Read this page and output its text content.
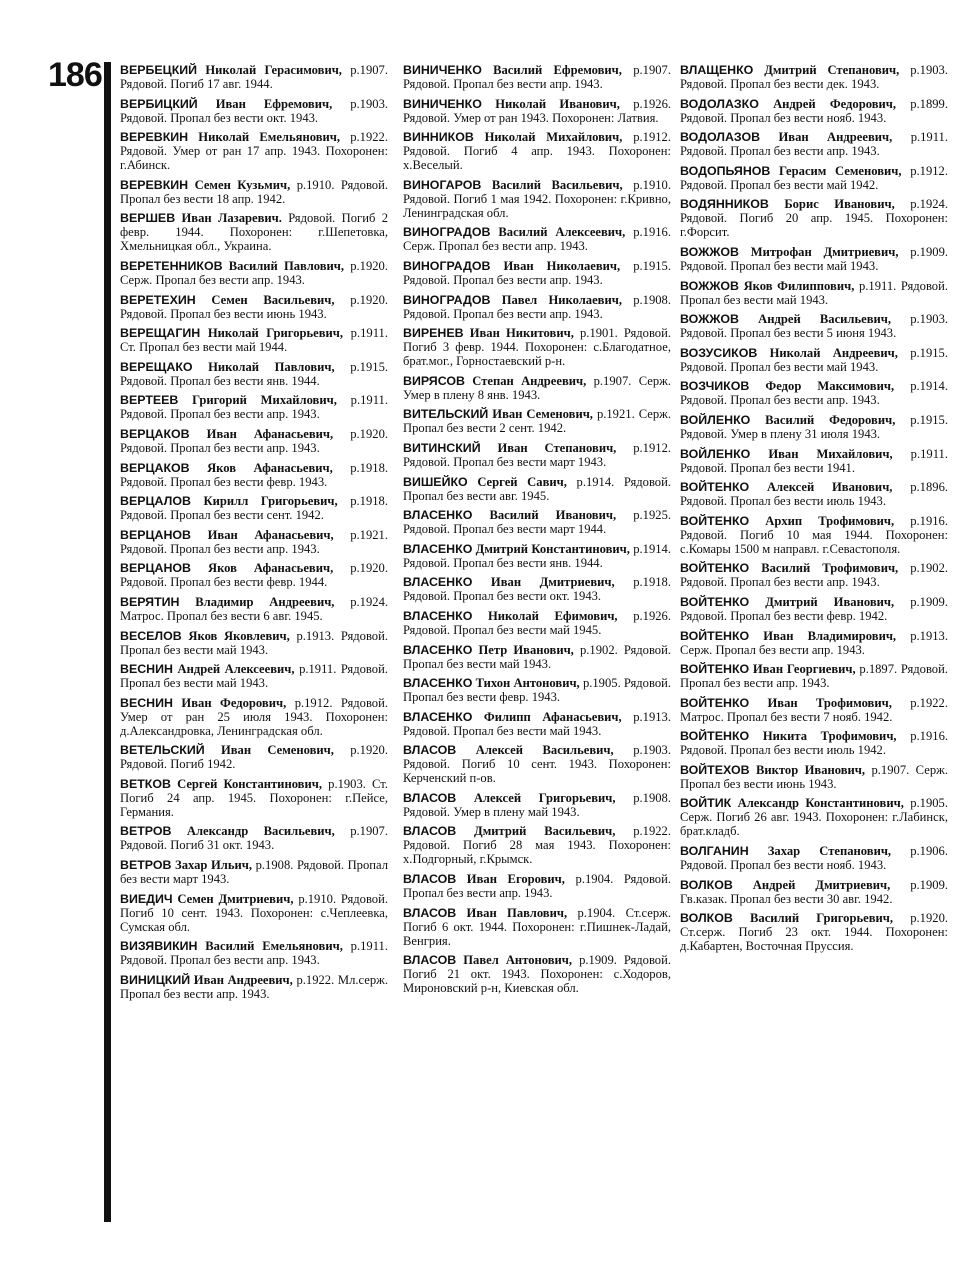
186 ВЕРБЕЦКИЙ Николай Герасимович, р.1907. Рядовой. Погиб 17 авг. 1944.

ВЕРБИЦКИЙ Иван Ефремович, р.1903. Рядовой. Пропал без вести окт. 1943.

ВЕРЕВКИН Николай Емельянович, р.1922. Рядовой. Умер от ран 17 апр. 1943. Похоронен: г.Абинск.

ВЕРЕВКИН Семен Кузьмич, р.1910. Рядовой. Пропал без вести 18 апр. 1942.

ВЕРШЕВ Иван Лазаревич. Рядовой. Погиб 2 февр. 1944. Похоронен: г.Шепетовка, Хмельницкая обл., Украина.

ВЕРЕТЕННИКОВ Василий Павлович, р.1920. Серж. Пропал без вести апр. 1943.

ВЕРЕТЕХИН Семен Васильевич, р.1920. Рядовой. Пропал без вести июнь 1943.

ВЕРЕЩАГИН Николай Григорьевич, р.1911. Ст. Пропал без вести май 1944.

ВЕРЕЩАКО Николай Павлович, р.1915. Рядовой. Пропал без вести янв. 1944.

ВЕРТЕЕВ Григорий Михайлович, р.1911. Рядовой. Пропал без вести апр. 1943.

ВЕРЦАКОВ Иван Афанасьевич, р.1920. Рядовой. Пропал без вести апр. 1943.

ВЕРЦАКОВ Яков Афанасьевич, р.1918. Рядовой. Пропал без вести февр. 1943.

ВЕРЦАЛОВ Кирилл Григорьевич, р.1918. Рядовой. Пропал без вести сент. 1942.

ВЕРЦАНОВ Иван Афанасьевич, р.1921. Рядовой. Пропал без вести апр. 1943.

ВЕРЦАНОВ Яков Афанасьевич, р.1920. Рядовой. Пропал без вести февр. 1944.

ВЕРЯТИН Владимир Андреевич, р.1924. Матрос. Пропал без вести 6 авг. 1945.

ВЕСЕЛОВ Яков Яковлевич, р.1913. Рядовой. Пропал без вести май 1943.

ВЕСНИН Андрей Алексеевич, р.1911. Рядовой. Пропал без вести май 1943.

ВЕСНИН Иван Федорович, р.1912. Рядовой. Умер от ран 25 июля 1943. Похоронен: д.Александровка, Ленинградская обл.

ВЕТЕЛЬСКИЙ Иван Семенович, р.1920. Рядовой. Погиб 1942.

ВЕТКОВ Сергей Константинович, р.1903. Ст. Погиб 24 апр. 1945. Похоронен: г.Пейсе, Германия.

ВЕТРОВ Александр Васильевич, р.1907. Рядовой. Погиб 31 окт. 1943.

ВЕТРОВ Захар Ильич, р.1908. Рядовой. Пропал без вести март 1943.

ВИЕДИЧ Семен Дмитриевич, р.1910. Рядовой. Погиб 10 сент. 1943. Похоронен: с.Чеплеевка, Сумская обл.

ВИЗЯВИКИН Василий Емельянович, р.1911. Рядовой. Пропал без вести апр. 1943.

ВИНИЦКИЙ Иван Андреевич, р.1922. Мл.серж. Пропал без вести апр. 1943.

ВИНИЧЕНКО Василий Ефремович, р.1907. Рядовой. Пропал без вести апр. 1943.

ВИНИЧЕНКО Николай Иванович, р.1926. Рядовой. Умер от ран 1943. Похоронен: Латвия.

ВИННИКОВ Николай Михайлович, р.1912. Рядовой. Погиб 4 апр. 1943. Похоронен: х.Веселый.

ВИНОГАРОВ Василий Васильевич, р.1910. Рядовой. Погиб 1 мая 1942. Похоронен: г.Кривно, Ленинградская обл.

ВИНОГРАДОВ Василий Алексеевич, р.1916. Серж. Пропал без вести апр. 1943.

ВИНОГРАДОВ Иван Николаевич, р.1915. Рядовой. Пропал без вести апр. 1943.

ВИНОГРАДОВ Павел Николаевич, р.1908. Рядовой. Пропал без вести апр. 1943.

ВИРЕНЕВ Иван Никитович, р.1901. Рядовой. Погиб 3 февр. 1944. Похоронен: с.Благодатное, брат.мог., Горностаевский р-н.

ВИРЯСОВ Степан Андреевич, р.1907. Серж. Умер в плену 8 янв. 1943.

ВИТЕЛЬСКИЙ Иван Семенович, р.1921. Серж. Пропал без вести 2 сент. 1942.

ВИТИНСКИЙ Иван Степанович, р.1912. Рядовой. Пропал без вести март 1943.

ВИШЕЙКО Сергей Савич, р.1914. Рядовой. Пропал без вести авг. 1945.

ВЛАСЕНКО Василий Иванович, р.1925. Рядовой. Пропал без вести март 1944.

ВЛАСЕНКО Дмитрий Константинович, р.1914. Рядовой. Пропал без вести янв. 1944.

ВЛАСЕНКО Иван Дмитриевич, р.1918. Рядовой. Пропал без вести окт. 1943.

ВЛАСЕНКО Николай Ефимович, р.1926. Рядовой. Пропал без вести май 1945.

ВЛАСЕНКО Петр Иванович, р.1902. Рядовой. Пропал без вести май 1943.

ВЛАСЕНКО Тихон Антонович, р.1905. Рядовой. Пропал без вести февр. 1943.

ВЛАСЕНКО Филипп Афанасьевич, р.1913. Рядовой. Пропал без вести май 1943.

ВЛАСОВ Алексей Васильевич, р.1903. Рядовой. Погиб 10 сент. 1943. Похоронен: Керченский п-ов.

ВЛАСОВ Алексей Григорьевич, р.1908. Рядовой. Умер в плену май 1943.

ВЛАСОВ Дмитрий Васильевич, р.1922. Рядовой. Погиб 28 мая 1943. Похоронен: х.Подгорный, г.Крымск.

ВЛАСОВ Иван Егорович, р.1904. Рядовой. Пропал без вести апр. 1943.

ВЛАСОВ Иван Павлович, р.1904. Ст.серж. Погиб 6 окт. 1944. Похоронен: г.Пишнек-Ладай, Венгрия.

ВЛАСОВ Павел Антонович, р.1909. Рядовой. Погиб 21 окт. 1943. Похоронен: с.Ходоров, Мироновский р-н, Киевская обл.

ВЛАЩЕНКО Дмитрий Степанович, р.1903. Рядовой. Пропал без вести дек. 1943.

ВОДОЛАЗКО Андрей Федорович, р.1899. Рядовой. Пропал без вести нояб. 1943.

ВОДОЛАЗОВ Иван Андреевич, р.1911. Рядовой. Пропал без вести апр. 1943.

ВОДОПЬЯНОВ Герасим Семенович, р.1912. Рядовой. Пропал без вести май 1942.

ВОДЯННИКОВ Борис Иванович, р.1924. Рядовой. Погиб 20 апр. 1945. Похоронен: г.Форсит.

ВОЖЖОВ Митрофан Дмитриевич, р.1909. Рядовой. Пропал без вести май 1943.

ВОЖЖОВ Яков Филиппович, р.1911. Рядовой. Пропал без вести май 1943.

ВОЖЖОВ Андрей Васильевич, р.1903. Рядовой. Пропал без вести 5 июня 1943.

ВОЗУСИКОВ Николай Андреевич, р.1915. Рядовой. Пропал без вести май 1943.

ВОЗЧИКОВ Федор Максимович, р.1914. Рядовой. Пропал без вести апр. 1943.

ВОЙЛЕНКО Василий Федорович, р.1915. Рядовой. Умер в плену 31 июля 1943.

ВОЙЛЕНКО Иван Михайлович, р.1911. Рядовой. Пропал без вести 1941.

ВОЙТЕНКО Алексей Иванович, р.1896. Рядовой. Пропал без вести июль 1943.

ВОЙТЕНКО Архип Трофимович, р.1916. Рядовой. Погиб 10 мая 1944. Похоронен: с.Комары 1500 м направл. г.Севастополя.

ВОЙТЕНКО Василий Трофимович, р.1902. Рядовой. Пропал без вести апр. 1943.

ВОЙТЕНКО Дмитрий Иванович, р.1909. Рядовой. Пропал без вести февр. 1942.

ВОЙТЕНКО Иван Владимирович, р.1913. Серж. Пропал без вести апр. 1943.

ВОЙТЕНКО Иван Георгиевич, р.1897. Рядовой. Пропал без вести апр. 1943.

ВОЙТЕНКО Иван Трофимович, р.1922. Матрос. Пропал без вести 7 нояб. 1942.

ВОЙТЕНКО Никита Трофимович, р.1916. Рядовой. Пропал без вести июль 1942.

ВОЙТЕХОВ Виктор Иванович, р.1907. Серж. Пропал без вести июнь 1943.

ВОЙТИК Александр Константинович, р.1905. Серж. Погиб 26 авг. 1943. Похоронен: г.Лабинск, брат.кладб.

ВОЛГАНИН Захар Степанович, р.1906. Рядовой. Пропал без вести нояб. 1943.

ВОЛКОВ Андрей Дмитриевич, р.1909. Гв.казак. Пропал без вести 30 авг. 1942.

ВОЛКОВ Василий Григорьевич, р.1920. Ст.серж. Погиб 23 окт. 1944. Похоронен: д.Кабартен, Восточная Пруссия.
